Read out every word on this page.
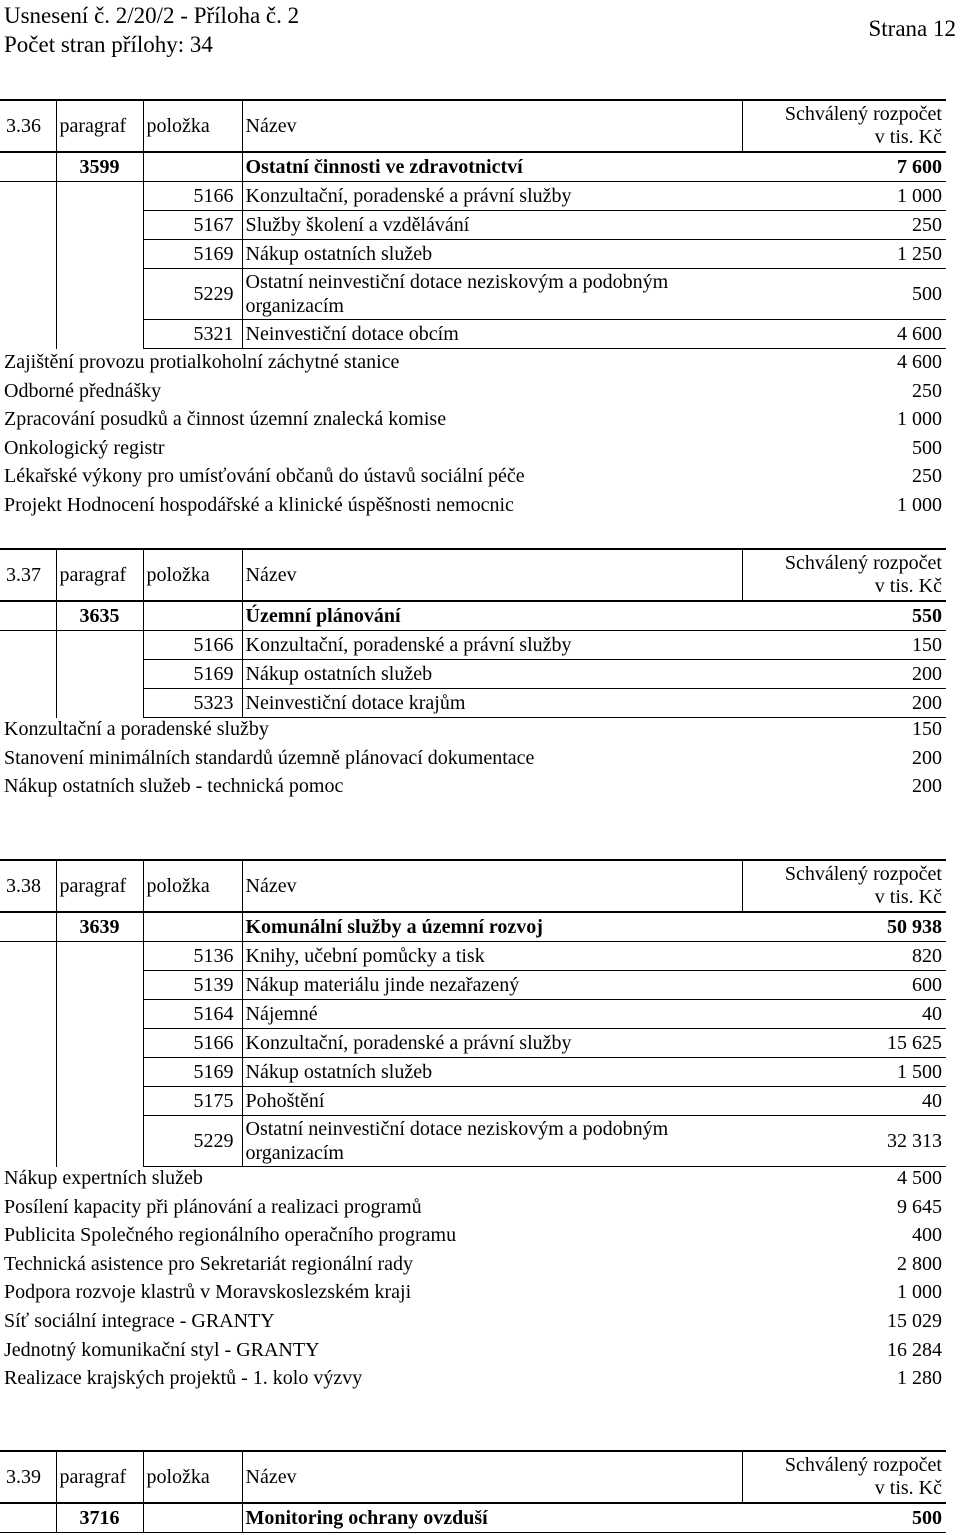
Usnesení č. 2/20/2 - Příloha č. 2
Počet stran přílohy: 34
Strana 12
3.36	paragraf	položka	Název	Schválený rozpočet
v tis. Kč
	3599		Ostatní činnosti ve zdravotnictví	7 600
		5166	Konzultační, poradenské a právní služby	1 000
		5167	Služby školení a vzdělávání	250
		5169	Nákup ostatních služeb	1 250
		5229	Ostatní neinvestiční dotace neziskovým a podobným organizacím	500
		5321	Neinvestiční dotace obcím	4 600
Zajištění provozu protialkoholní záchytné stanice	4 600
Odborné přednášky	250
Zpracování posudků a činnost územní znalecká komise	1 000
Onkologický registr	500
Lékařské výkony pro umísťování občanů do ústavů sociální péče	250
Projekt Hodnocení hospodářské a klinické úspěšnosti nemocnic	1 000
3.37	paragraf	položka	Název	Schválený rozpočet
v tis. Kč
	3635		Územní plánování	550
		5166	Konzultační, poradenské a právní služby	150
		5169	Nákup ostatních služeb	200
		5323	Neinvestiční dotace krajům	200
Konzultační a poradenské služby	150
Stanovení minimálních standardů územně plánovací dokumentace	200
Nákup ostatních služeb - technická pomoc	200
3.38	paragraf	položka	Název	Schválený rozpočet
v tis. Kč
	3639		Komunální služby a územní rozvoj	50 938
		5136	Knihy, učební pomůcky a tisk	820
		5139	Nákup materiálu jinde nezařazený	600
		5164	Nájemné	40
		5166	Konzultační, poradenské a právní služby	15 625
		5169	Nákup ostatních služeb	1 500
		5175	Pohoštění	40
		5229	Ostatní neinvestiční dotace neziskovým a podobným organizacím	32 313
Nákup expertních služeb	4 500
Posílení kapacity při plánování a realizaci programů	9 645
Publicita Společného regionálního operačního programu	400
Technická asistence pro Sekretariát regionální rady	2 800
Podpora rozvoje klastrů v Moravskoslezském kraji	1 000
Síť sociální integrace - GRANTY	15 029
Jednotný komunikační styl - GRANTY	16 284
Realizace krajských projektů - 1. kolo výzvy	1 280
3.39	paragraf	položka	Název	Schválený rozpočet
v tis. Kč
	3716		Monitoring ochrany ovzduší	500
